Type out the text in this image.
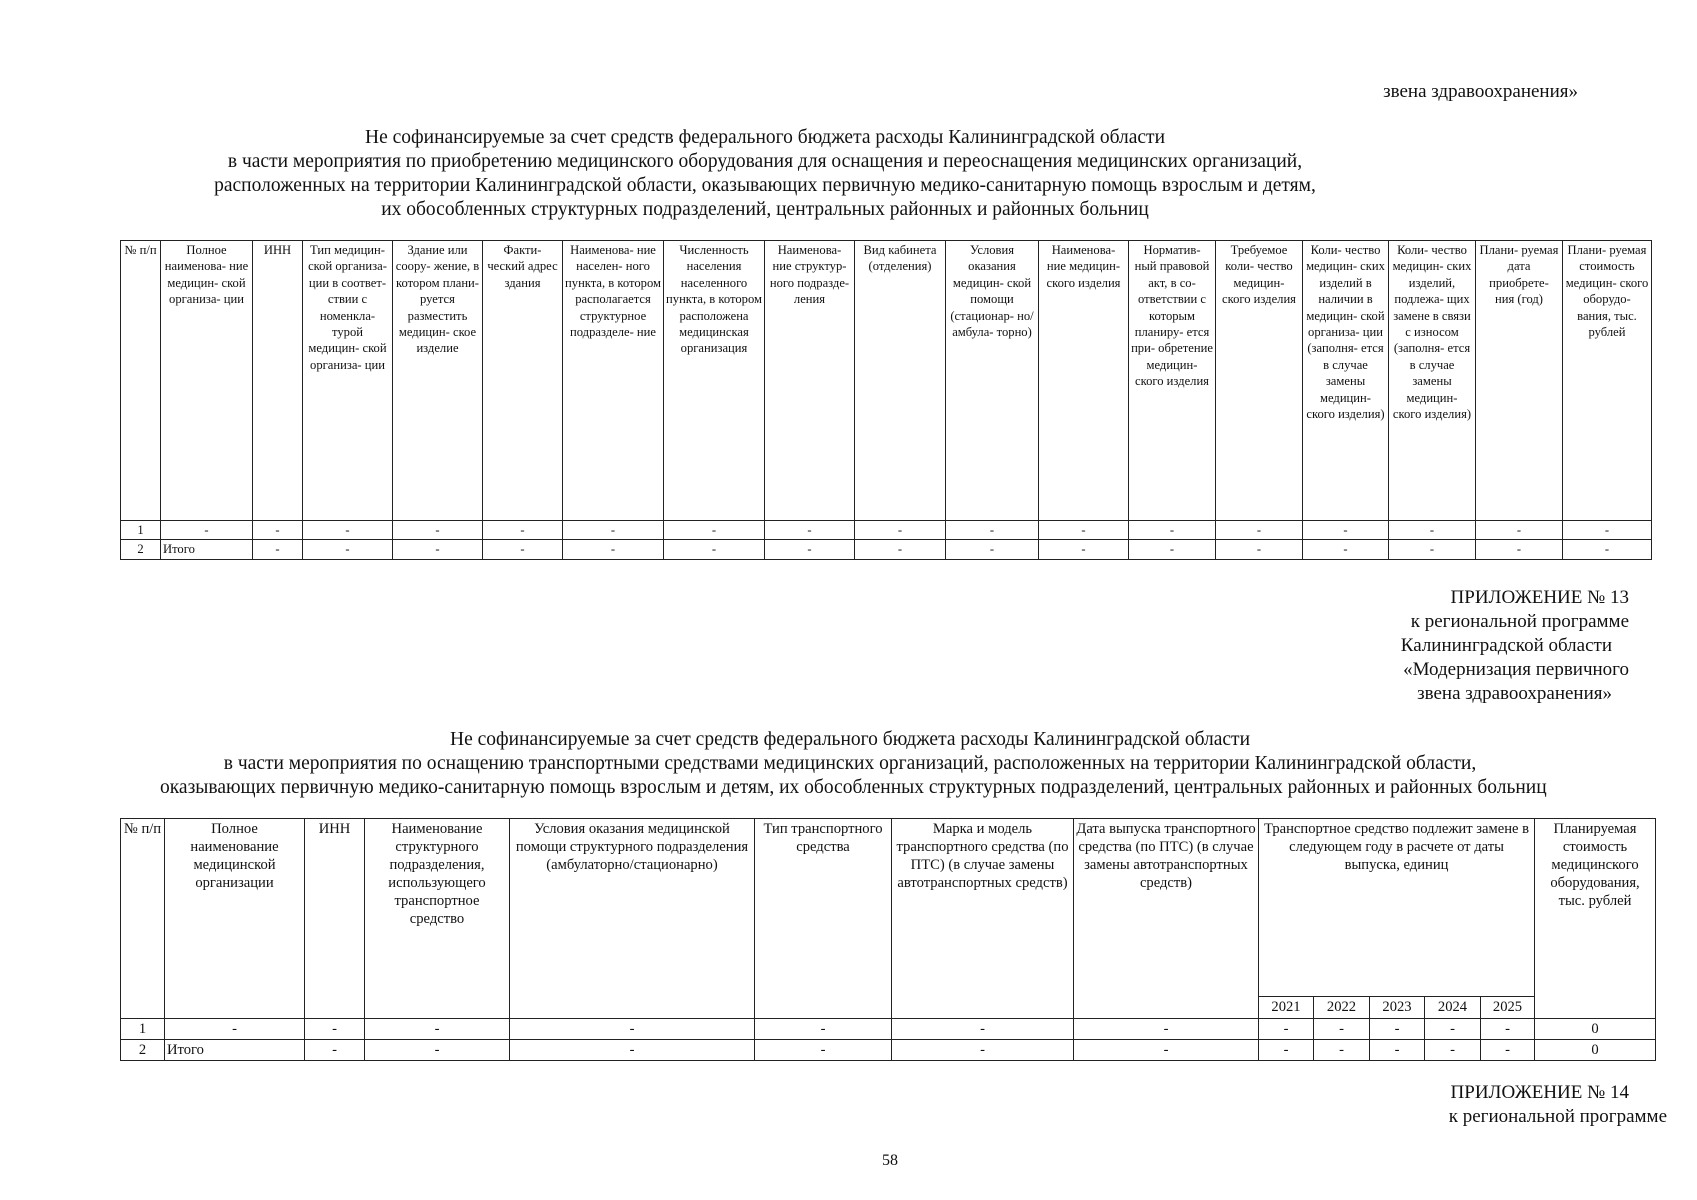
звена здравоохранения»
Не софинансируемые за счет средств федерального бюджета расходы Калининградской области
в части мероприятия по приобретению медицинского оборудования для оснащения и переоснащения медицинских организаций,
расположенных на территории Калининградской области, оказывающих первичную медико-санитарную помощь взрослым и детям,
их обособленных структурных подразделений, центральных районных и районных больниц
№ п/п	Полное наименова- ние медицин- ской организа- ции	ИНН	Тип медицин- ской организа- ции в соответ- ствии с номенкла- турой медицин- ской организа- ции	Здание или соору- жение, в котором плани- руется разместить медицин- ское изделие	Факти- ческий адрес здания	Наименова- ние населен- ного пункта, в котором располагается структурное подразделе- ние	Численность населения населенного пункта, в котором расположена медицинская организация	Наименова- ние структур- ного подразде- ления	Вид кабинета (отделения)	Условия оказания медицин- ской помощи (стационар- но/амбула- торно)	Наименова- ние медицин- ского изделия	Норматив- ный правовой акт, в со- ответствии с которым планиру- ется при- обретение медицин- ского изделия	Требуемое коли- чество медицин- ского изделия	Коли- чество медицин- ских изделий в наличии в медицин- ской организа- ции (заполня- ется в случае замены медицин- ского изделия)	Коли- чество медицин- ских изделий, подлежа- щих замене в связи с износом (заполня- ется в случае замены медицин- ского изделия)	Плани- руемая дата приобрете- ния (год)	Плани- руемая стоимость медицин- ского оборудо- вания, тыс. рублей
1	-	-	-	-	-	-	-	-	-	-	-	-	-	-	-	-	-
2	Итого	-	-	-	-	-	-	-	-	-	-	-	-	-	-	-	-
ПРИЛОЖЕНИЕ № 13
к региональной программе
Калининградской области
«Модернизация первичного
звена здравоохранения»
Не софинансируемые за счет средств федерального бюджета расходы Калининградской области
в части мероприятия по оснащению транспортными средствами медицинских организаций, расположенных на территории Калининградской области,
оказывающих первичную медико-санитарную помощь взрослым и детям, их обособленных структурных подразделений, центральных районных и районных больниц
№ п/п	Полное наименование медицинской организации	ИНН	Наименование структурного подразделения, использующего транспортное средство	Условия оказания медицинской помощи структурного подразделения (амбулаторно/стационарно)	Тип транспортного средства	Марка и модель транспортного средства (по ПТС) (в случае замены автотранспортных средств)	Дата выпуска транспортного средства (по ПТС) (в случае замены автотранспортных средств)	Транспортное средство подлежит замене в следующем году в расчете от даты выпуска, единиц					Планируемая стоимость медицинского оборудования, тыс. рублей
								2021	2022	2023	2024	2025	
1	-	-	-	-	-	-	-	-	-	-	-	-	0
2	Итого	-	-	-	-	-	-	-	-	-	-	-	0
ПРИЛОЖЕНИЕ № 14
к региональной программе
58
